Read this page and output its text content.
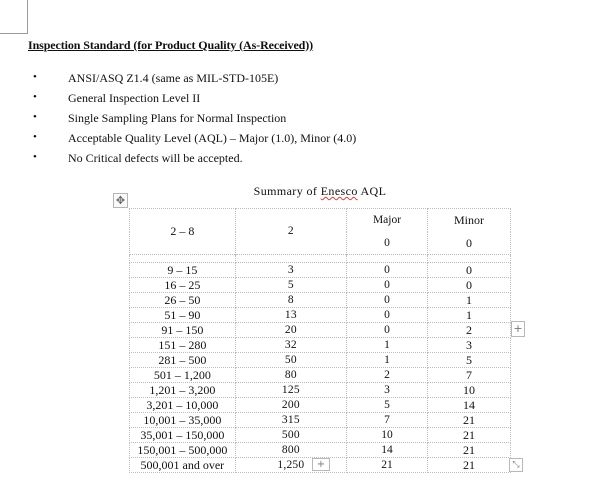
Inspection Standard (for Product Quality (As-Received))
•	ANSI/ASQ Z1.4 (same as MIL-STD-105E)
•	General Inspection Level II
•	Single Sampling Plans for Normal Inspection
•	Acceptable Quality Level (AQL) – Major (1.0), Minor (4.0)
•	No Critical defects will be accepted.
✥
Summary of Enesco AQL
2 – 8	2	Major	Minor
		0	0

9 – 15	3	0	0
16 – 25	5	0	0
26 – 50	8	0	1
51 – 90	13	0	1
91 – 150	20	0	2
151 – 280	32	1	3
281 – 500	50	1	5
501 – 1,200	80	2	7
1,201 – 3,200	125	3	10
3,201 – 10,000	200	5	14
10,001 – 35,000	315	7	21
35,001 – 150,000	500	10	21
150,001 – 500,000	800	14	21
500,001 and over	1,250	21	21
+
+	⤡
